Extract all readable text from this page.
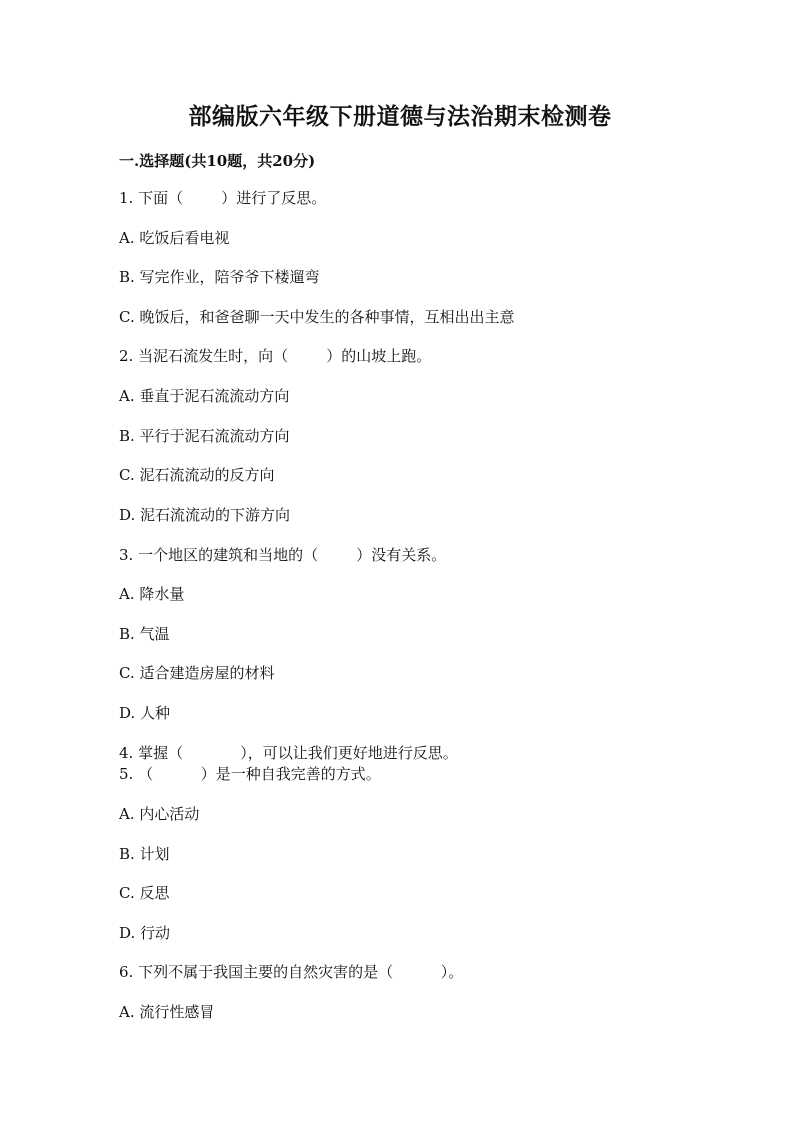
部编版六年级下册道德与法治期末检测卷
一.选择题(共10题，共20分)
1. 下面（        ）进行了反思。
A. 吃饭后看电视
B. 写完作业，陪爷爷下楼遛弯
C. 晚饭后，和爸爸聊一天中发生的各种事情，互相出出主意
2. 当泥石流发生时，向（        ）的山坡上跑。
A. 垂直于泥石流流动方向
B. 平行于泥石流流动方向
C. 泥石流流动的反方向
D. 泥石流流动的下游方向
3. 一个地区的建筑和当地的（        ）没有关系。
A. 降水量
B. 气温
C. 适合建造房屋的材料
D. 人种
4. 掌握（            ），可以让我们更好地进行反思。
5. （          ）是一种自我完善的方式。
A. 内心活动
B. 计划
C. 反思
D. 行动
6. 下列不属于我国主要的自然灾害的是（          ）。
A. 流行性感冒
